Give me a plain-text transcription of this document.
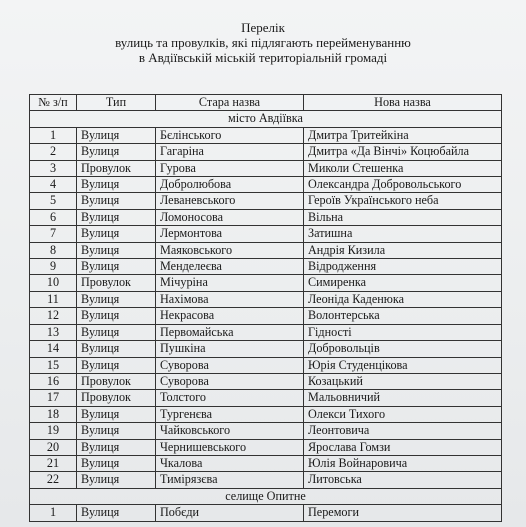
Перелік
вулиць та провулків, які підлягають перейменуванню
в Авдіївській міській територіальній громаді
№ з/п	Тип	Стара назва	Нова назва
місто Авдіївка			
1	Вулиця	Бєлінського	Дмитра Тритейкіна
2	Вулиця	Гагаріна	Дмитра «Да Вінчі» Коцюбайла
3	Провулок	Гурова	Миколи Стешенка
4	Вулиця	Добролюбова	Олександра Добровольського
5	Вулиця	Леваневського	Героїв Українського неба
6	Вулиця	Ломоносова	Вільна
7	Вулиця	Лермонтова	Затишна
8	Вулиця	Маяковського	Андрія Кизила
9	Вулиця	Менделеєва	Відродження
10	Провулок	Мічуріна	Симиренка
11	Вулиця	Нахімова	Леоніда Каденюка
12	Вулиця	Некрасова	Волонтерська
13	Вулиця	Первомайська	Гідності
14	Вулиця	Пушкіна	Добровольців
15	Вулиця	Суворова	Юрія Студенцікова
16	Провулок	Суворова	Козацький
17	Провулок	Толстого	Мальовничий
18	Вулиця	Тургенєва	Олекси Тихого
19	Вулиця	Чайковського	Леонтовича
20	Вулиця	Чернишевського	Ярослава Гомзи
21	Вулиця	Чкалова	Юлія Войнаровича
22	Вулиця	Тимірязєва	Литовська
селище Опитне			
1	Вулиця	Побєди	Перемоги
